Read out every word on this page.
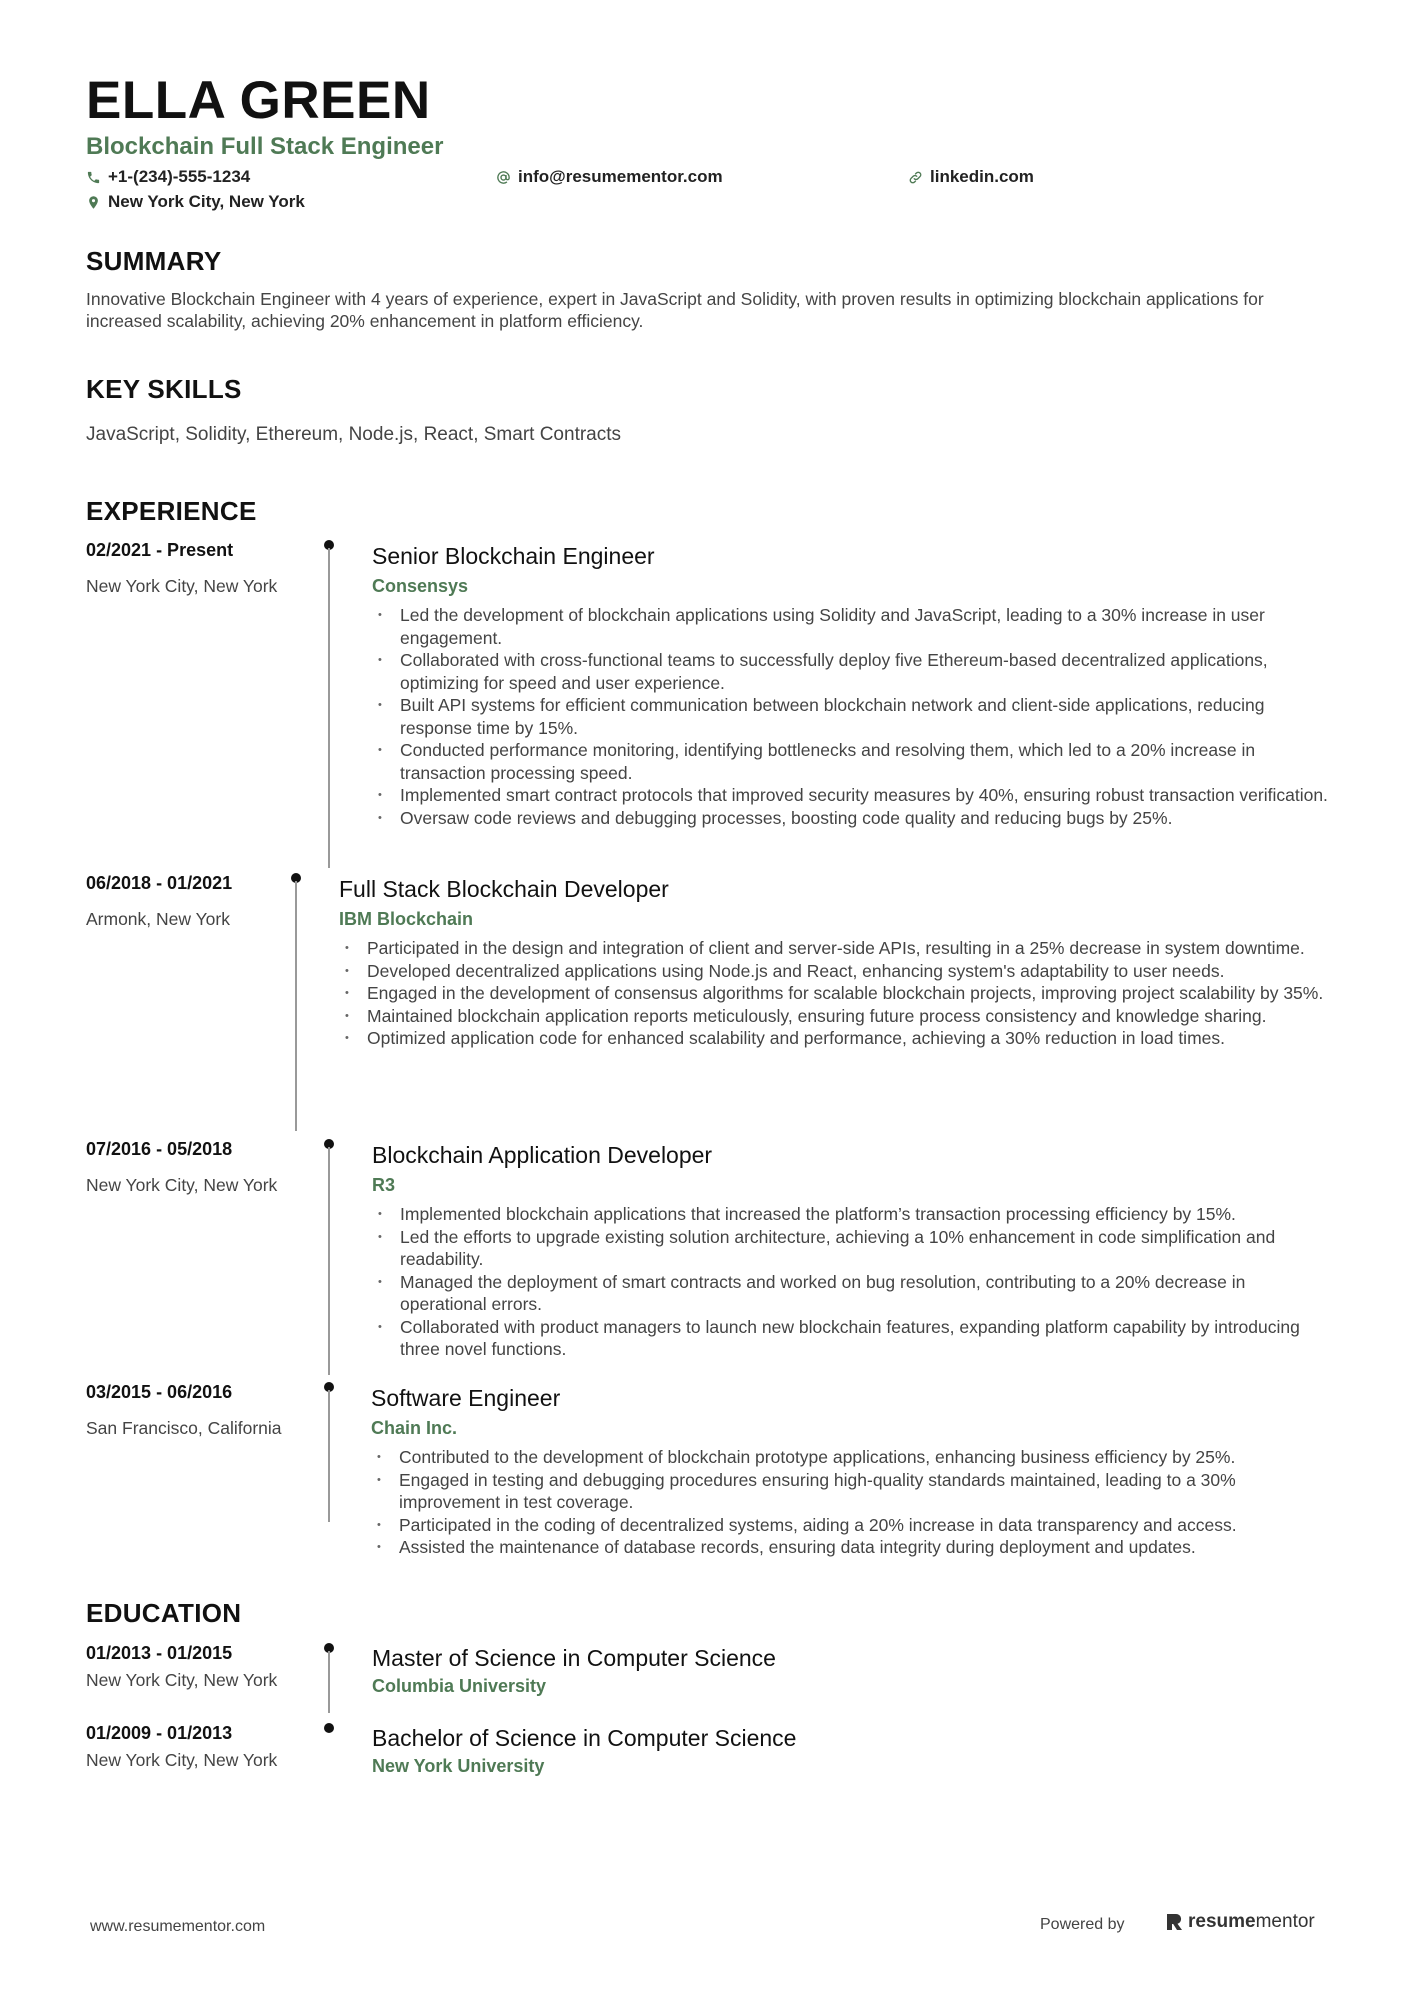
ELLA GREEN
Blockchain Full Stack Engineer
+1-(234)-555-1234	info@resumementor.com	linkedin.com
New York City, New York
SUMMARY
Innovative Blockchain Engineer with 4 years of experience, expert in JavaScript and Solidity, with proven results in optimizing blockchain applications for increased scalability, achieving 20% enhancement in platform efficiency.
KEY SKILLS
JavaScript, Solidity, Ethereum, Node.js, React, Smart Contracts
EXPERIENCE
02/2021 - Present
New York City, New York
Senior Blockchain Engineer
Consensys
• Led the development of blockchain applications using Solidity and JavaScript, leading to a 30% increase in user engagement.
• Collaborated with cross-functional teams to successfully deploy five Ethereum-based decentralized applications, optimizing for speed and user experience.
• Built API systems for efficient communication between blockchain network and client-side applications, reducing response time by 15%.
• Conducted performance monitoring, identifying bottlenecks and resolving them, which led to a 20% increase in transaction processing speed.
• Implemented smart contract protocols that improved security measures by 40%, ensuring robust transaction verification.
• Oversaw code reviews and debugging processes, boosting code quality and reducing bugs by 25%.
06/2018 - 01/2021
Armonk, New York
Full Stack Blockchain Developer
IBM Blockchain
• Participated in the design and integration of client and server-side APIs, resulting in a 25% decrease in system downtime.
• Developed decentralized applications using Node.js and React, enhancing system's adaptability to user needs.
• Engaged in the development of consensus algorithms for scalable blockchain projects, improving project scalability by 35%.
• Maintained blockchain application reports meticulously, ensuring future process consistency and knowledge sharing.
• Optimized application code for enhanced scalability and performance, achieving a 30% reduction in load times.
07/2016 - 05/2018
New York City, New York
Blockchain Application Developer
R3
• Implemented blockchain applications that increased the platform’s transaction processing efficiency by 15%.
• Led the efforts to upgrade existing solution architecture, achieving a 10% enhancement in code simplification and readability.
• Managed the deployment of smart contracts and worked on bug resolution, contributing to a 20% decrease in operational errors.
• Collaborated with product managers to launch new blockchain features, expanding platform capability by introducing three novel functions.
03/2015 - 06/2016
San Francisco, California
Software Engineer
Chain Inc.
• Contributed to the development of blockchain prototype applications, enhancing business efficiency by 25%.
• Engaged in testing and debugging procedures ensuring high-quality standards maintained, leading to a 30% improvement in test coverage.
• Participated in the coding of decentralized systems, aiding a 20% increase in data transparency and access.
• Assisted the maintenance of database records, ensuring data integrity during deployment and updates.
EDUCATION
01/2013 - 01/2015
New York City, New York
Master of Science in Computer Science
Columbia University
01/2009 - 01/2013
New York City, New York
Bachelor of Science in Computer Science
New York University
www.resumementor.com	Powered by	resumementor
